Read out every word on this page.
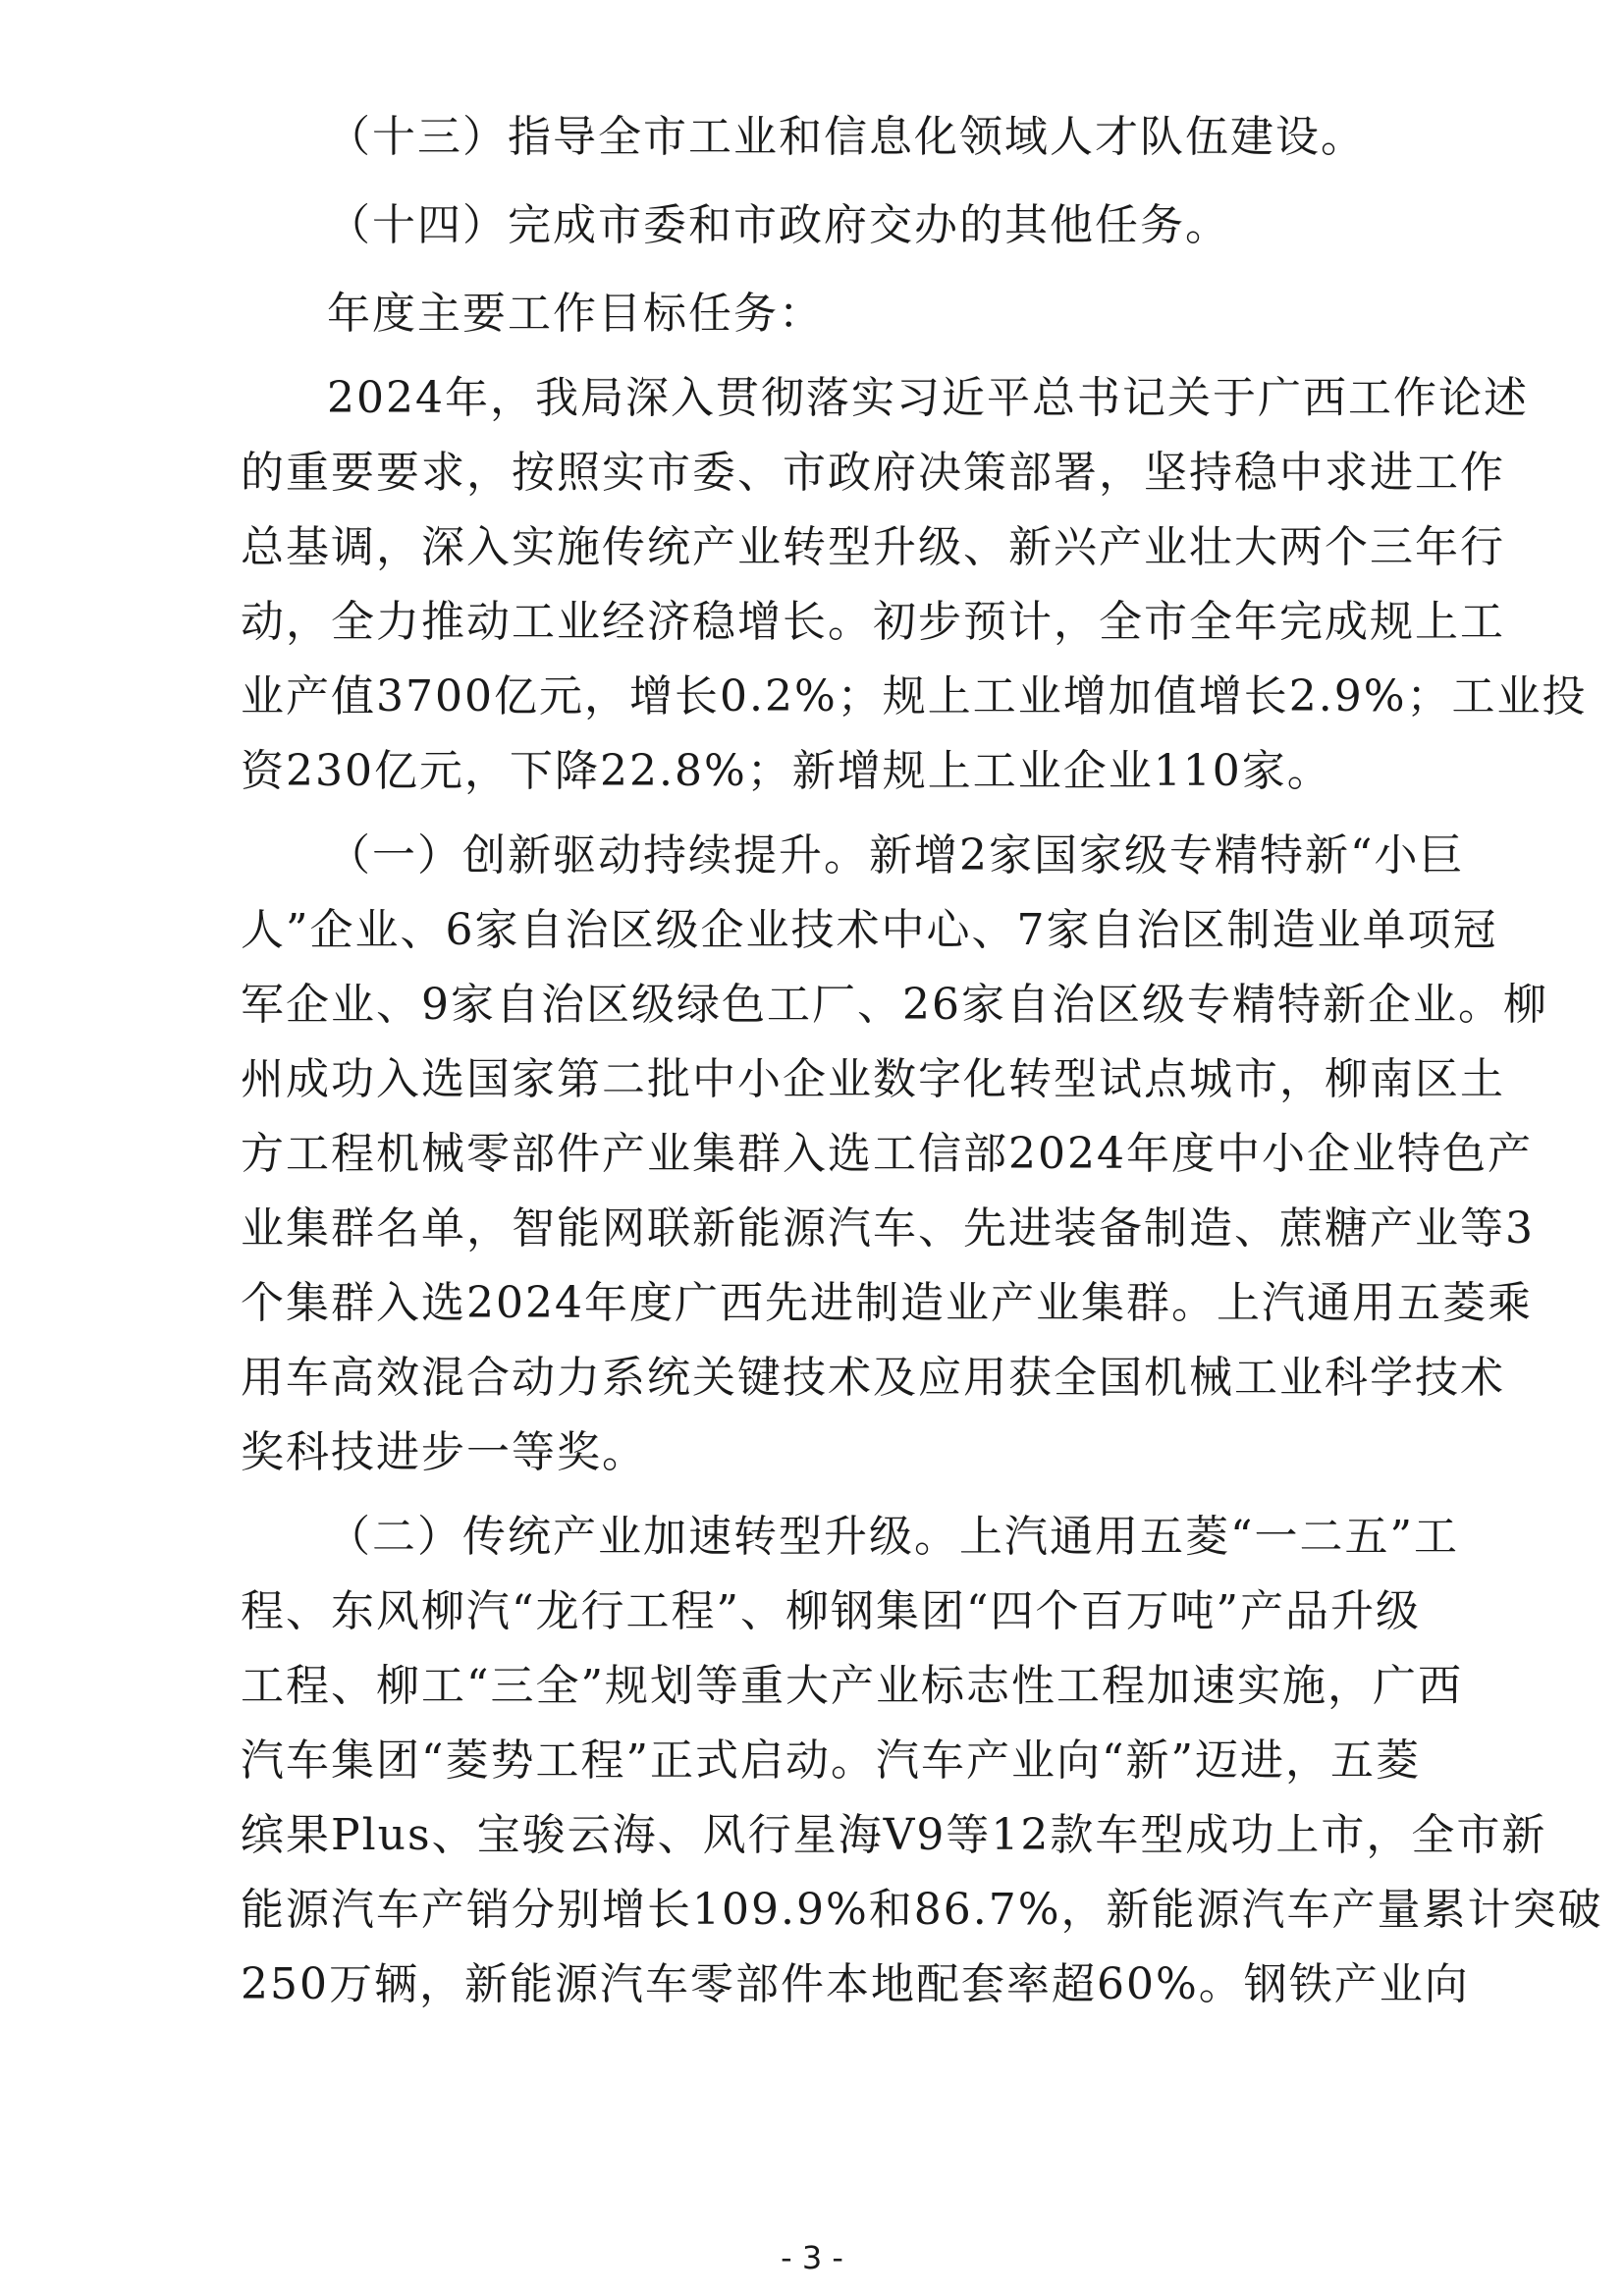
（十三）指导全市工业和信息化领域人才队伍建设。
（十四）完成市委和市政府交办的其他任务。
年度主要工作目标任务：
2024年，我局深入贯彻落实习近平总书记关于广西工作论述
的重要要求，按照实市委、市政府决策部署，坚持稳中求进工作
总基调，深入实施传统产业转型升级、新兴产业壮大两个三年行
动，全力推动工业经济稳增长。初步预计，全市全年完成规上工
业产值3700亿元，增长0.2%；规上工业增加值增长2.9%；工业投
资230亿元，下降22.8%；新增规上工业企业110家。
（一）创新驱动持续提升。新增2家国家级专精特新“小巨
人”企业、6家自治区级企业技术中心、7家自治区制造业单项冠
军企业、9家自治区级绿色工厂、26家自治区级专精特新企业。柳
州成功入选国家第二批中小企业数字化转型试点城市，柳南区土
方工程机械零部件产业集群入选工信部2024年度中小企业特色产
业集群名单，智能网联新能源汽车、先进装备制造、蔗糖产业等3
个集群入选2024年度广西先进制造业产业集群。上汽通用五菱乘
用车高效混合动力系统关键技术及应用获全国机械工业科学技术
奖科技进步一等奖。
（二）传统产业加速转型升级。上汽通用五菱“一二五”工
程、东风柳汽“龙行工程”、柳钢集团“四个百万吨”产品升级
工程、柳工“三全”规划等重大产业标志性工程加速实施，广西
汽车集团“菱势工程”正式启动。汽车产业向“新”迈进，五菱
缤果Plus、宝骏云海、风行星海V9等12款车型成功上市，全市新
能源汽车产销分别增长109.9%和86.7%，新能源汽车产量累计突破
250万辆，新能源汽车零部件本地配套率超60%。钢铁产业向
- 3 -
